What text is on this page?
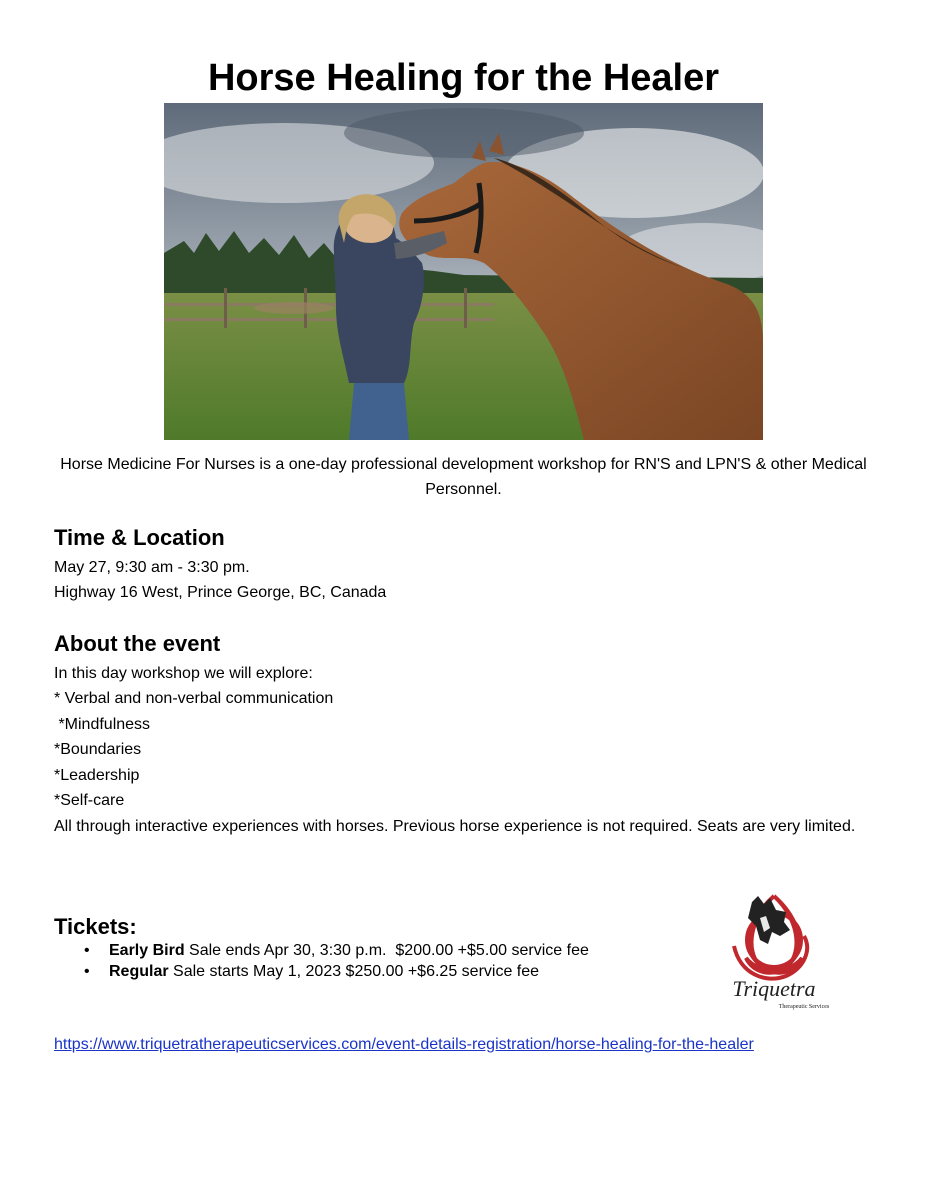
Horse Healing for the Healer

Horse Medicine For Nurses is a one-day professional development workshop for RN'S and LPN'S & other Medical Personnel.

Time & Location

May 27, 9:30 am - 3:30 pm.

Highway 16 West, Prince George, BC, Canada

About the event

In this day workshop we will explore:

* Verbal and non-verbal communication

*Mindfulness

*Boundaries

*Leadership

*Self-care

All through interactive experiences with horses. Previous horse experience is not required. Seats are very limited.

Tickets:
• Early Bird Sale ends Apr 30, 3:30 p.m.  $200.00 +$5.00 service fee
• Regular Sale starts May 1, 2023 $250.00 +$6.25 service fee
Triquetra
Therapeutic Services
https://www.triquetratherapeuticservices.com/event-details-registration/horse-healing-for-the-healer
